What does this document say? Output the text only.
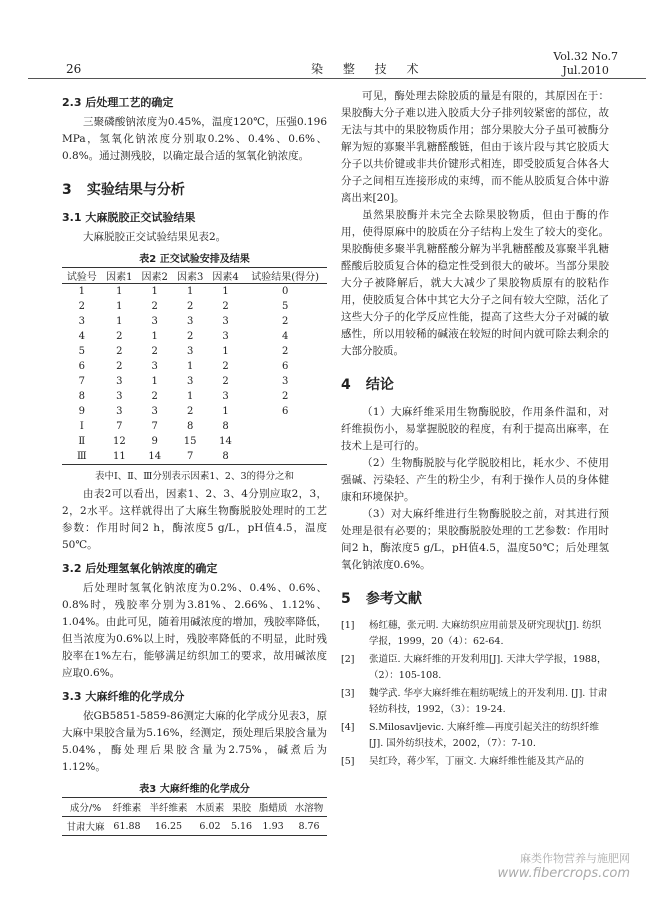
26	染 整 技 术
Vol.32 No.7
Jul.2010
2.3 后处理工艺的确定

三聚磷酸钠浓度为0.45%，温度120℃，压强0.196 MPa，氢氧化钠浓度分别取0.2%、0.4%、0.6%、0.8%。通过测残胶，以确定最合适的氢氧化钠浓度。

3 实验结果与分析
3.1 大麻脱胶正交试验结果

大麻脱胶正交试验结果见表2。

表2 正交试验安排及结果
试验号	因素1	因素2	因素3	因素4	试验结果(得分)
1	1	1	1	1	0
2	1	2	2	2	5
3	1	3	3	3	2
4	2	1	2	3	4
5	2	2	3	1	2
6	2	3	1	2	6
7	3	1	3	2	3
8	3	2	1	3	2
9	3	3	2	1	6
Ⅰ	7	7	8	8	
Ⅱ	12	9	15	14	
Ⅲ	11	14	7	8	
表中Ⅰ、Ⅱ、Ⅲ分别表示因素1、2、3的得分之和

由表2可以看出，因素1、2、3、4分别应取2，3，2，2水平。这样就得出了大麻生物酶脱胶处理时的工艺参数：作用时间2 h，酶浓度5 g/L，pH值4.5，温度50℃。

3.2 后处理氢氧化钠浓度的确定

后处理时氢氧化钠浓度为0.2%、0.4%、0.6%、0.8%时，残胶率分别为3.81%、2.66%、1.12%、1.04%。由此可见，随着用碱浓度的增加，残胶率降低，但当浓度为0.6%以上时，残胶率降低的不明显，此时残胶率在1%左右，能够满足纺织加工的要求，故用碱浓度应取0.6%。

3.3 大麻纤维的化学成分

依GB5851-5859-86测定大麻的化学成分见表3，原大麻中果胶含量为5.16%，经测定，预处理后果胶含量为5.04%，酶处理后果胶含量为2.75%，碱煮后为1.12%。

表3 大麻纤维的化学成分
成分/%	纤维素	半纤维素	木质素	果胶	脂蜡质	水溶物
甘肃大麻	61.88	16.25	6.02	5.16	1.93	8.76

可见，酶处理去除胶质的量是有限的，其原因在于：果胶酶大分子难以进入胶质大分子排列较紧密的部位，故无法与其中的果胶物质作用；部分果胶大分子虽可被酶分解为短的寡聚半乳糖醛酸链，但由于该片段与其它胶质大分子以共价键或非共价键形式相连，即受胶质复合体各大分子之间相互连接形成的束缚，而不能从胶质复合体中游离出来[20]。

虽然果胶酶并未完全去除果胶物质，但由于酶的作用，使得原麻中的胶质在分子结构上发生了较大的变化。果胶酶使多聚半乳糖醛酸分解为半乳糖醛酸及寡聚半乳糖醛酸后胶质复合体的稳定性受到很大的破坏。当部分果胶大分子被降解后，就大大减少了果胶物质原有的胶粘作用，使胶质复合体中其它大分子之间有较大空隙，活化了这些大分子的化学反应性能，提高了这些大分子对碱的敏感性，所以用较稀的碱液在较短的时间内就可除去剩余的大部分胶质。

4 结论

（1）大麻纤维采用生物酶脱胶，作用条件温和，对纤维损伤小，易掌握脱胶的程度，有利于提高出麻率，在技术上是可行的。

（2）生物酶脱胶与化学脱胶相比，耗水少、不使用强碱、污染轻、产生的粉尘少，有利于操作人员的身体健康和环境保护。

（3）对大麻纤维进行生物酶脱胶之前，对其进行预处理是很有必要的；果胶酶脱胶处理的工艺参数：作用时间2 h，酶浓度5 g/L，pH值4.5，温度50℃；后处理氢氧化钠浓度0.6%。

5 参考文献
[1]	杨红穗，张元明. 大麻纺织应用前景及研究现状[J]. 纺织学报，1999，20（4）：62-64.
[2]	张道臣. 大麻纤维的开发利用[J]. 天津大学学报，1988，（2）：105-108.
[3]	魏学武. 华亭大麻纤维在粗纺呢绒上的开发利用. [J]. 甘肃轻纺科技，1992，（3）：19-24.
[4]	S.Milosavljevic. 大麻纤维—再度引起关注的纺织纤维[J]. 国外纺织技术，2002，（7）：7-10.
[5]	吴红玲，蒋少军，丁丽文. 大麻纤维性能及其产品的
麻类作物营养与施肥网
www.fibercrops.com
